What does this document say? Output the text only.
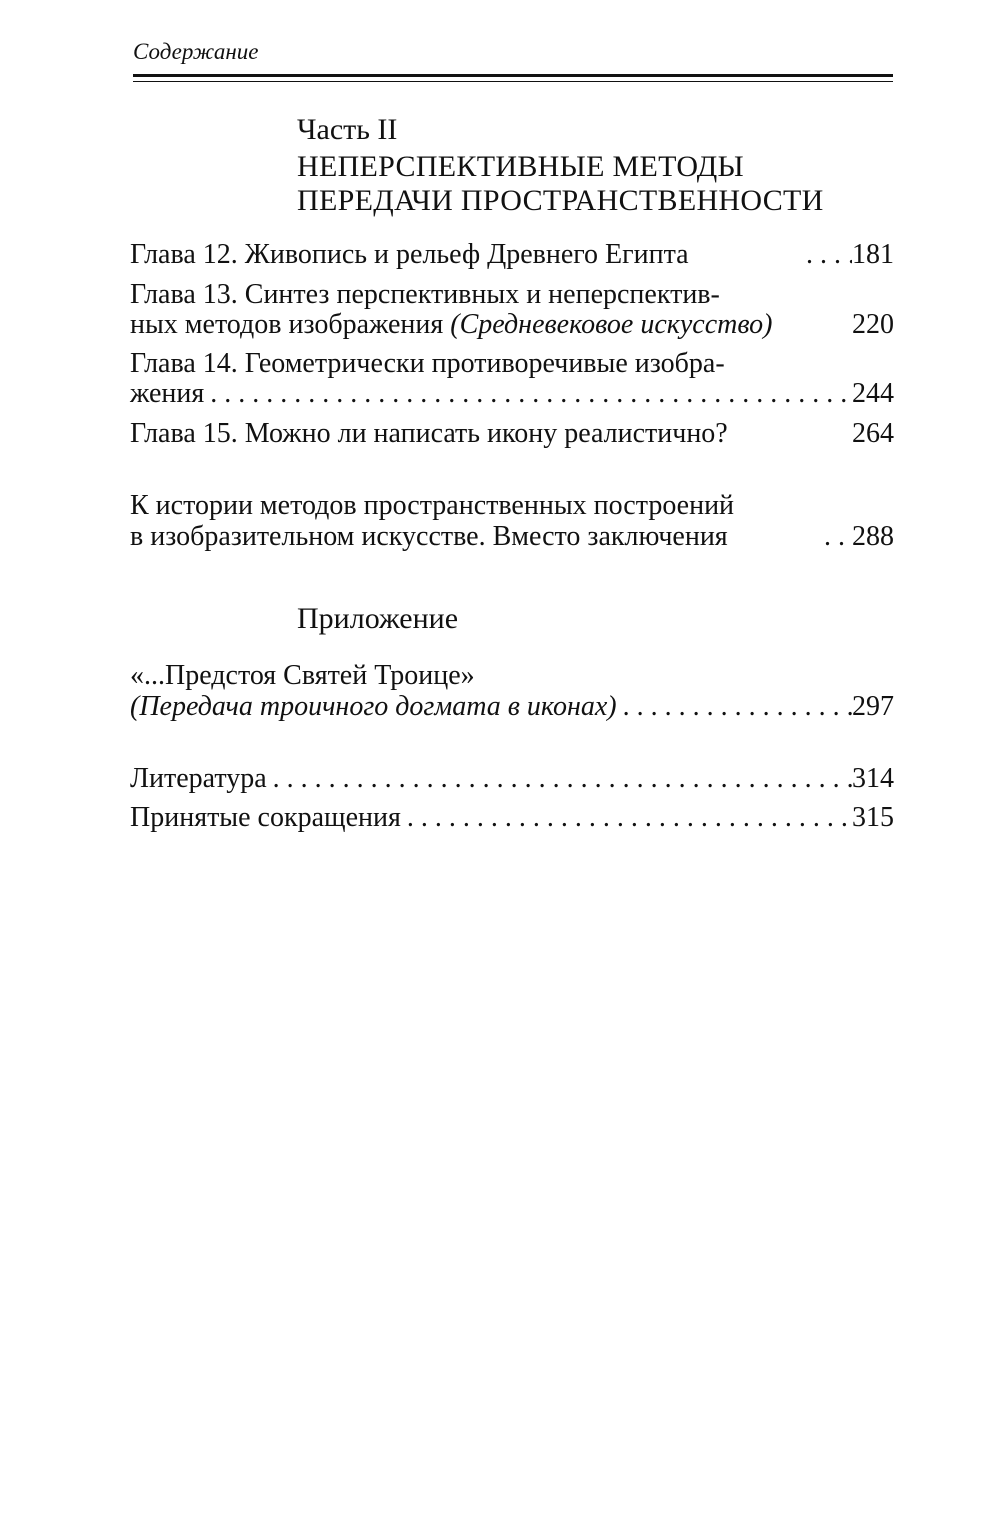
Содержание
Часть II
НЕПЕРСПЕКТИВНЫЕ МЕТОДЫ
ПЕРЕДАЧИ ПРОСТРАНСТВЕННОСТИ
Глава 12. Живопись и рельеф Древнего Египта . . .	181
Глава 13. Синтез перспективных и неперспектив-
ных методов изображения (Средневековое искусство)	220
Глава 14. Геометрически противоречивые изобра-
жения . . .	244
Глава 15. Можно ли написать икону реалистично?	264
К истории методов пространственных построений
в изобразительном искусстве. Вместо заключения . . .	288
Приложение
«...Предстоя Святей Троице»
(Передача троичного догмата в иконах) . . .	297
Литература . . .	314
Принятые сокращения . . .	315
